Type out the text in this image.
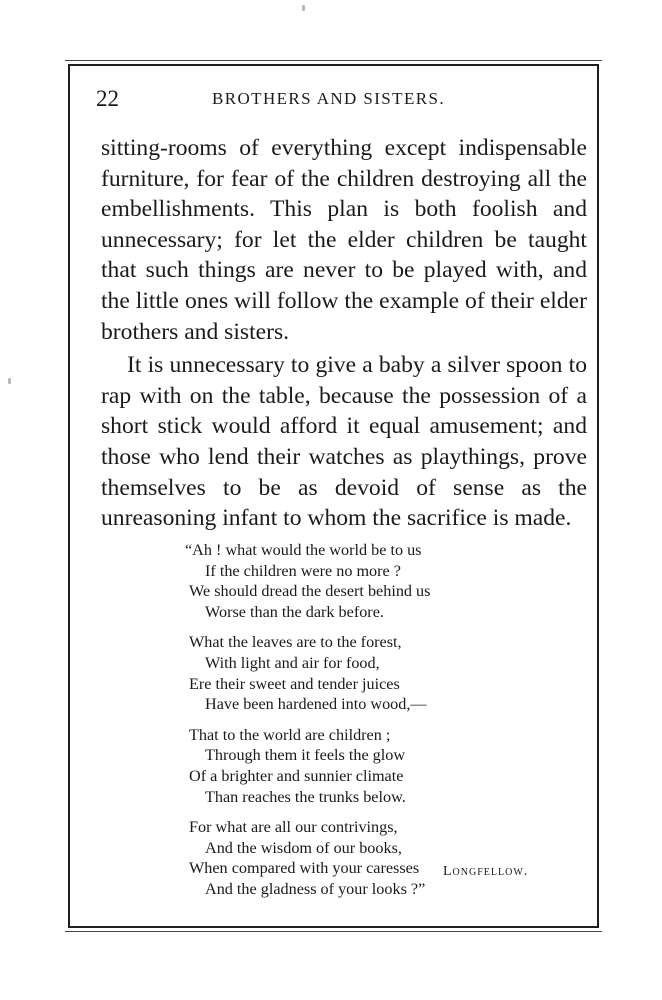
22	BROTHERS AND SISTERS.

sitting-rooms of everything except indispensable furniture, for fear of the children destroying all the embellishments. This plan is both foolish and unnecessary; for let the elder children be taught that such things are never to be played with, and the little ones will follow the example of their elder brothers and sisters.

It is unnecessary to give a baby a silver spoon to rap with on the table, because the possession of a short stick would afford it equal amusement; and those who lend their watches as playthings, prove themselves to be as devoid of sense as the unreasoning infant to whom the sacrifice is made.

“Ah ! what would the world be to us
If the children were no more ?
We should dread the desert behind us
Worse than the dark before.
What the leaves are to the forest,
With light and air for food,
Ere their sweet and tender juices
Have been hardened into wood,—
That to the world are children ;
Through them it feels the glow
Of a brighter and sunnier climate
Than reaches the trunks below.
For what are all our contrivings,
And the wisdom of our books,
When compared with your caresses
And the gladness of your looks ?”
Longfellow.
